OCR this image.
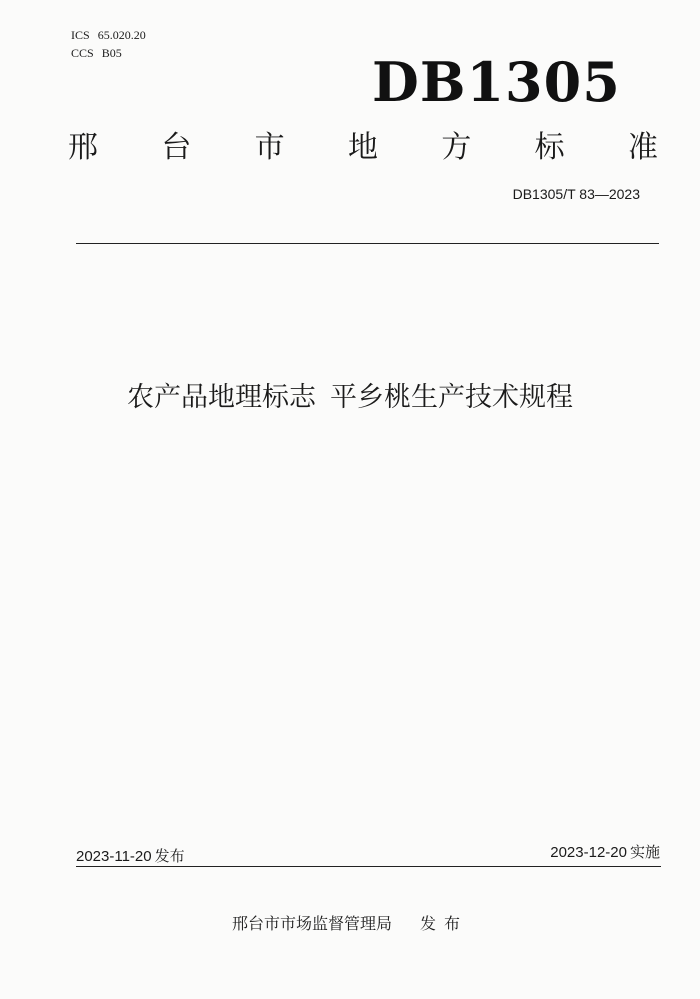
ICS 65.020.20
CCS B05	DB1305
邢 台 市 地 方 标 准
DB1305/T 83—2023
农产品地理标志 平乡桃生产技术规程
2023-11-20 发布	2023-12-20 实施
邢台市市场监督管理局 发布
